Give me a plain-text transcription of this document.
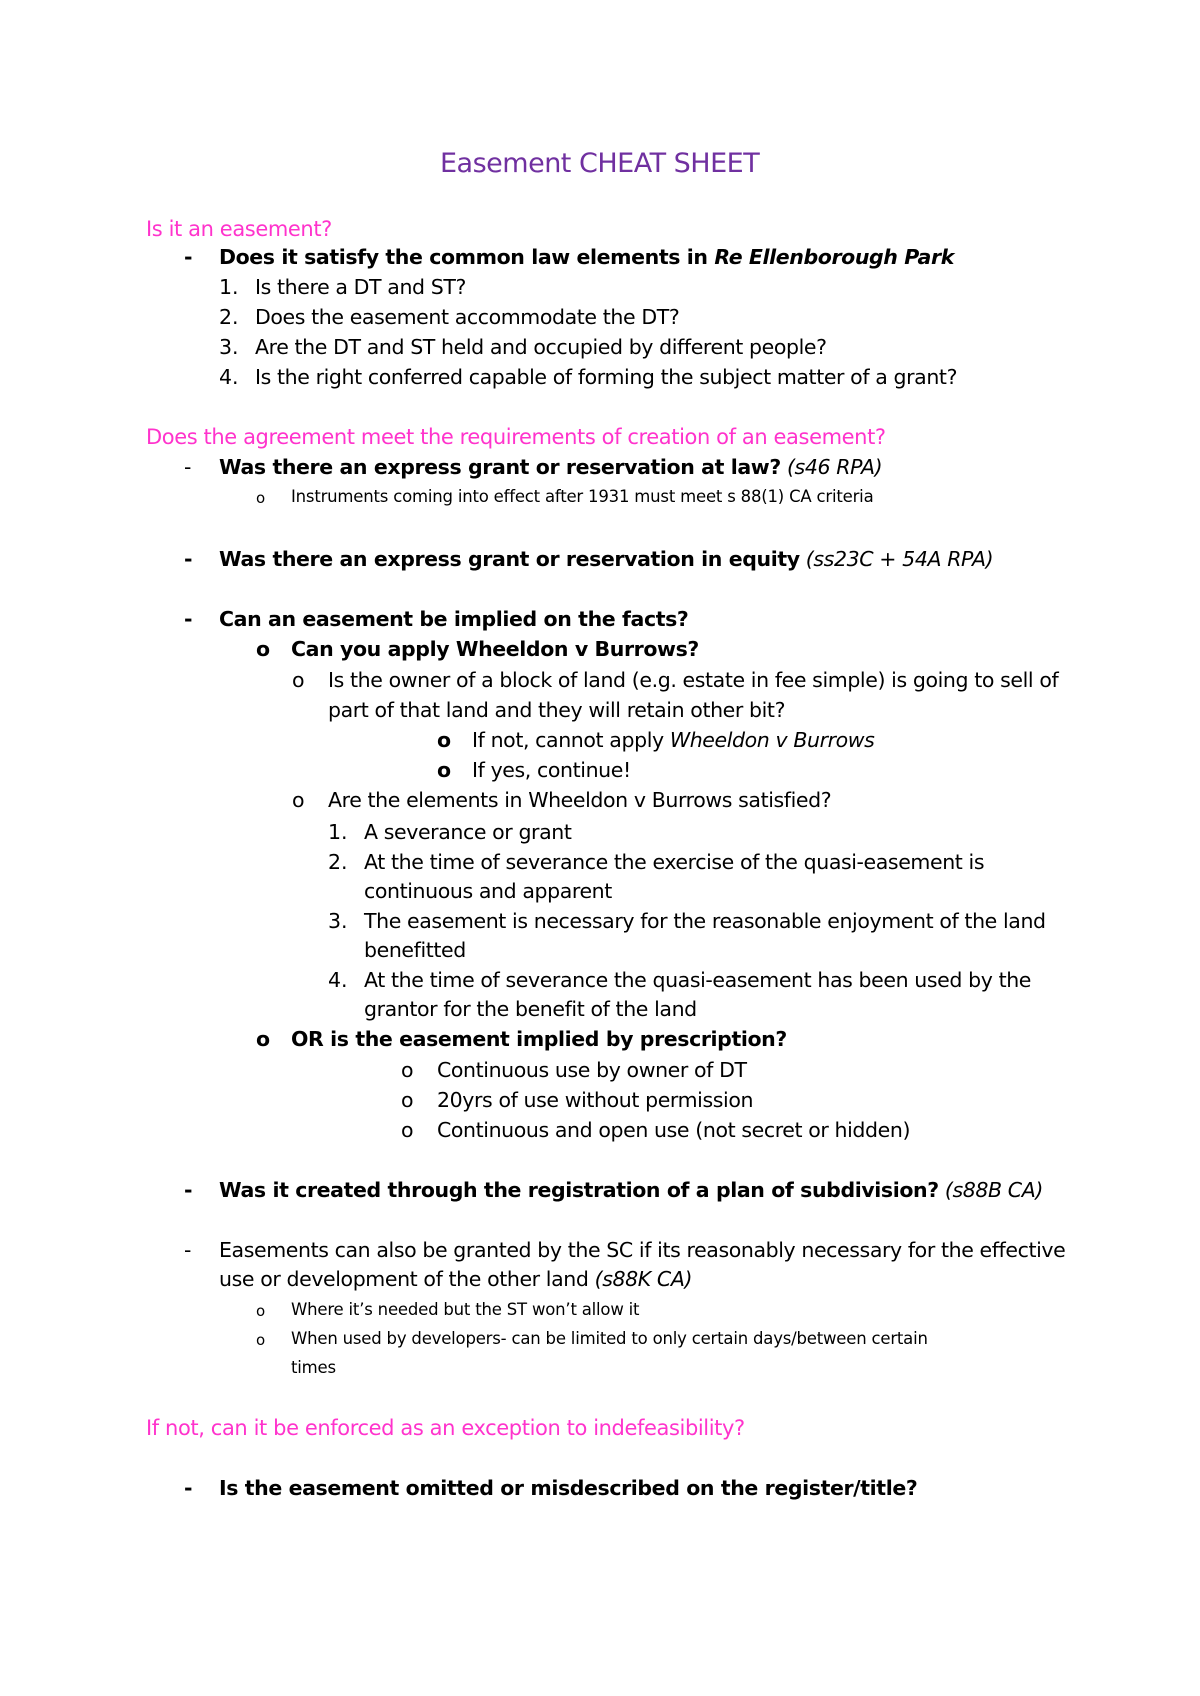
Easement CHEAT SHEET
Is it an easement?
- Does it satisfy the common law elements in Re Ellenborough Park
1. Is there a DT and ST?
2. Does the easement accommodate the DT?
3. Are the DT and ST held and occupied by different people?
4. Is the right conferred capable of forming the subject matter of a grant?
Does the agreement meet the requirements of creation of an easement?
- Was there an express grant or reservation at law? (s46 RPA)
o Instruments coming into effect after 1931 must meet s 88(1) CA criteria
- Was there an express grant or reservation in equity (ss23C + 54A RPA)
- Can an easement be implied on the facts?
o Can you apply Wheeldon v Burrows?
o Is the owner of a block of land (e.g. estate in fee simple) is going to sell of
part of that land and they will retain other bit?
o If not, cannot apply Wheeldon v Burrows
o If yes, continue!
o Are the elements in Wheeldon v Burrows satisfied?
1. A severance or grant
2. At the time of severance the exercise of the quasi-easement is
continuous and apparent
3. The easement is necessary for the reasonable enjoyment of the land
benefitted
4. At the time of severance the quasi-easement has been used by the
grantor for the benefit of the land
o OR is the easement implied by prescription?
o Continuous use by owner of DT
o 20yrs of use without permission
o Continuous and open use (not secret or hidden)
- Was it created through the registration of a plan of subdivision? (s88B CA)
- Easements can also be granted by the SC if its reasonably necessary for the effective
use or development of the other land (s88K CA)
o Where it’s needed but the ST won’t allow it
o When used by developers- can be limited to only certain days/between certain
times
If not, can it be enforced as an exception to indefeasibility?
- Is the easement omitted or misdescribed on the register/title?
